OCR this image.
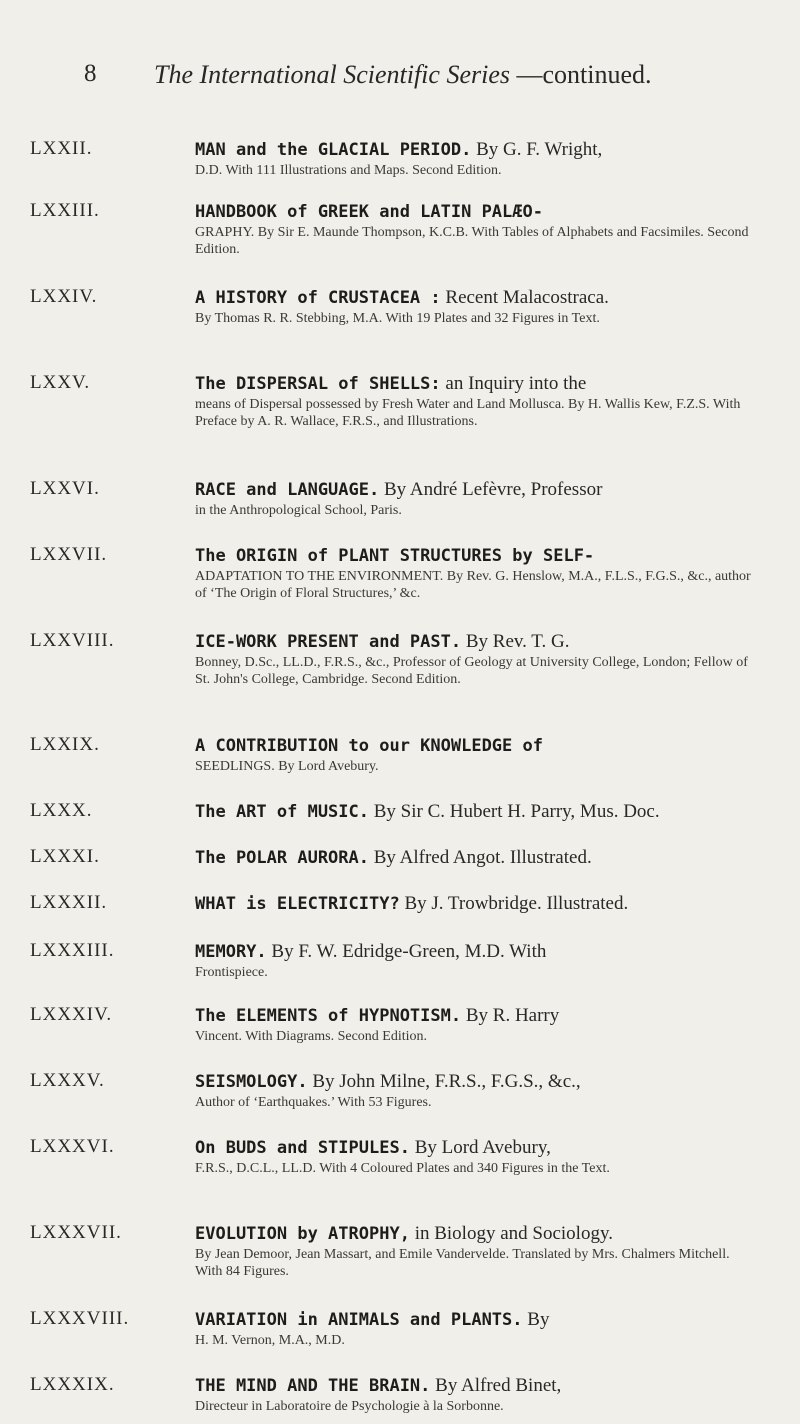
8 The International Scientific Series —continued.
LXXII.	MAN and the GLACIAL PERIOD. By G. F. Wright,
D.D. With 111 Illustrations and Maps. Second Edition.
LXXIII.	HANDBOOK of GREEK and LATIN PALÆO-
GRAPHY. By Sir E. Maunde Thompson, K.C.B. With Tables of Alphabets and Facsimiles. Second Edition.
LXXIV.	A HISTORY of CRUSTACEA : Recent Malacostraca.
By Thomas R. R. Stebbing, M.A. With 19 Plates and 32 Figures in Text.
LXXV.	The DISPERSAL of SHELLS: an Inquiry into the
means of Dispersal possessed by Fresh Water and Land Mollusca. By H. Wallis Kew, F.Z.S. With Preface by A. R. Wallace, F.R.S., and Illustrations.
LXXVI.	RACE and LANGUAGE. By André Lefèvre, Professor
in the Anthropological School, Paris.
LXXVII.	The ORIGIN of PLANT STRUCTURES by SELF-
ADAPTATION TO THE ENVIRONMENT. By Rev. G. Henslow, M.A., F.L.S., F.G.S., &c., author of ‘The Origin of Floral Structures,’ &c.
LXXVIII.	ICE-WORK PRESENT and PAST. By Rev. T. G.
Bonney, D.Sc., LL.D., F.R.S., &c., Professor of Geology at University College, London; Fellow of St. John's College, Cambridge. Second Edition.
LXXIX.	A CONTRIBUTION to our KNOWLEDGE of
SEEDLINGS. By Lord Avebury.
LXXX.	The ART of MUSIC. By Sir C. Hubert H. Parry, Mus. Doc.
LXXXI.	The POLAR AURORA. By Alfred Angot. Illustrated.
LXXXII.	WHAT is ELECTRICITY? By J. Trowbridge. Illustrated.
LXXXIII.	MEMORY. By F. W. Edridge-Green, M.D. With
Frontispiece.
LXXXIV.	The ELEMENTS of HYPNOTISM. By R. Harry
Vincent. With Diagrams. Second Edition.
LXXXV.	SEISMOLOGY. By John Milne, F.R.S., F.G.S., &c.,
Author of ‘Earthquakes.’ With 53 Figures.
LXXXVI.	On BUDS and STIPULES. By Lord Avebury,
F.R.S., D.C.L., LL.D. With 4 Coloured Plates and 340 Figures in the Text.
LXXXVII.	EVOLUTION by ATROPHY, in Biology and Sociology.
By Jean Demoor, Jean Massart, and Emile Vandervelde. Translated by Mrs. Chalmers Mitchell. With 84 Figures.
LXXXVIII.	VARIATION in ANIMALS and PLANTS. By
H. M. Vernon, M.A., M.D.
LXXXIX.	THE MIND AND THE BRAIN. By Alfred Binet,
Directeur in Laboratoire de Psychologie à la Sorbonne.
